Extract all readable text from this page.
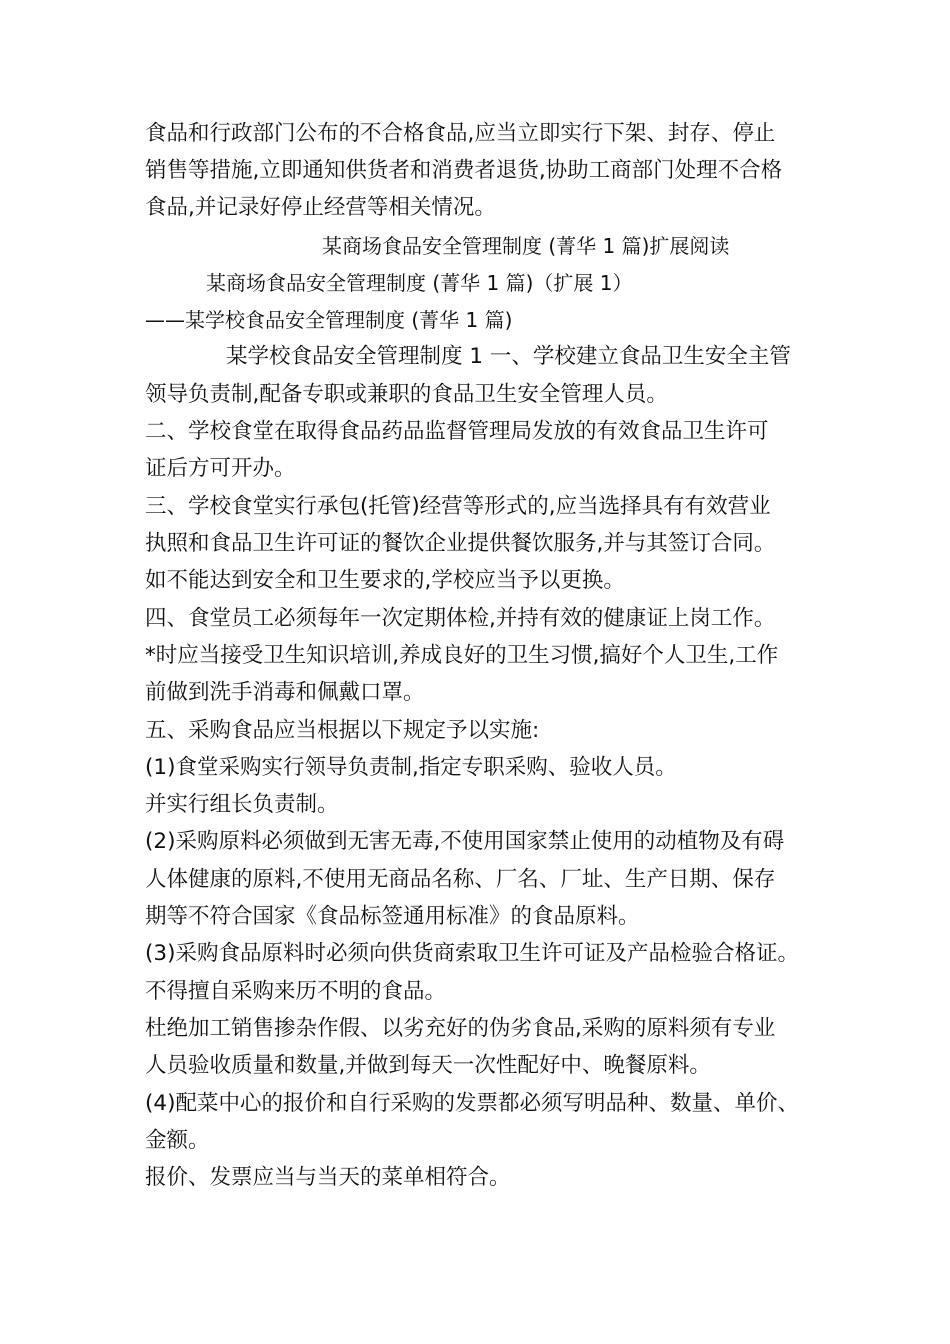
食品和行政部门公布的不合格食品,应当立即实行下架、封存、停止
销售等措施,立即通知供货者和消费者退货,协助工商部门处理不合格
食品,并记录好停止经营等相关情况。
某商场食品安全管理制度 (菁华 1 篇)扩展阅读
某商场食品安全管理制度 (菁华 1 篇)（扩展 1）
——某学校食品安全管理制度 (菁华 1 篇)
某学校食品安全管理制度 1 一、学校建立食品卫生安全主管
领导负责制,配备专职或兼职的食品卫生安全管理人员。
二、学校食堂在取得食品药品监督管理局发放的有效食品卫生许可
证后方可开办。
三、学校食堂实行承包(托管)经营等形式的,应当选择具有有效营业
执照和食品卫生许可证的餐饮企业提供餐饮服务,并与其签订合同。
如不能达到安全和卫生要求的,学校应当予以更换。
四、食堂员工必须每年一次定期体检,并持有效的健康证上岗工作。
*时应当接受卫生知识培训,养成良好的卫生习惯,搞好个人卫生,工作
前做到洗手消毒和佩戴口罩。
五、采购食品应当根据以下规定予以实施:
(1)食堂采购实行领导负责制,指定专职采购、验收人员。
并实行组长负责制。
(2)采购原料必须做到无害无毒,不使用国家禁止使用的动植物及有碍
人体健康的原料,不使用无商品名称、厂名、厂址、生产日期、保存
期等不符合国家《食品标签通用标准》的食品原料。
(3)采购食品原料时必须向供货商索取卫生许可证及产品检验合格证。
不得擅自采购来历不明的食品。
杜绝加工销售掺杂作假、以劣充好的伪劣食品,采购的原料须有专业
人员验收质量和数量,并做到每天一次性配好中、晚餐原料。
(4)配菜中心的报价和自行采购的发票都必须写明品种、数量、单价、
金额。
报价、发票应当与当天的菜单相符合。
